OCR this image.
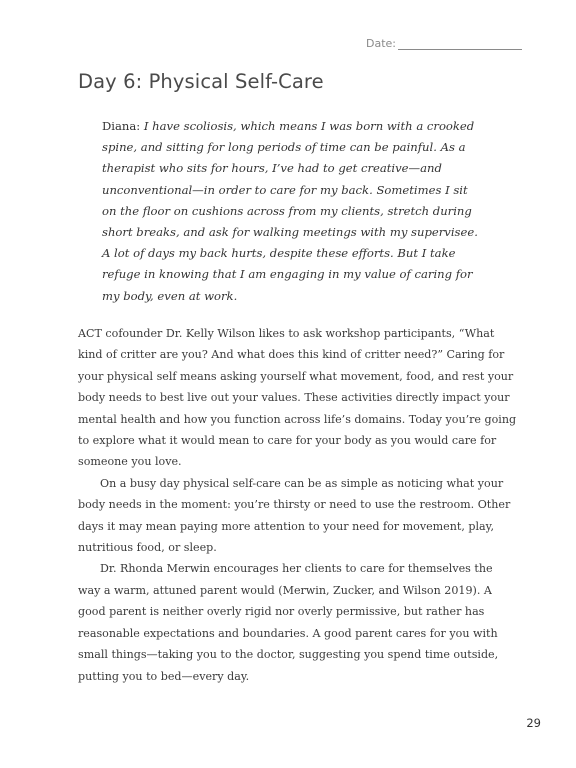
Date:
Day 6: Physical Self-Care

Diana: I have scoliosis, which means I was born with a crooked spine, and sitting for long periods of time can be painful. As a therapist who sits for hours, I’ve had to get creative—and unconventional—in order to care for my back. Sometimes I sit on the floor on cushions across from my clients, stretch during short breaks, and ask for walking meetings with my supervisee. A lot of days my back hurts, despite these efforts. But I take refuge in knowing that I am engaging in my value of caring for my body, even at work.

ACT cofounder Dr. Kelly Wilson likes to ask workshop participants, “What kind of critter are you? And what does this kind of critter need?” Caring for your physical self means asking yourself what movement, food, and rest your body needs to best live out your values. These activities directly impact your mental health and how you function across life’s domains. Today you’re going to explore what it would mean to care for your body as you would care for someone you love.

On a busy day physical self-care can be as simple as noticing what your body needs in the moment: you’re thirsty or need to use the restroom. Other days it may mean paying more attention to your need for movement, play, nutritious food, or sleep.

Dr. Rhonda Merwin encourages her clients to care for themselves the way a warm, attuned parent would (Merwin, Zucker, and Wilson 2019). A good parent is neither overly rigid nor overly permissive, but rather has reasonable expectations and boundaries. A good parent cares for you with small things—taking you to the doctor, suggesting you spend time outside, putting you to bed—every day.

29
